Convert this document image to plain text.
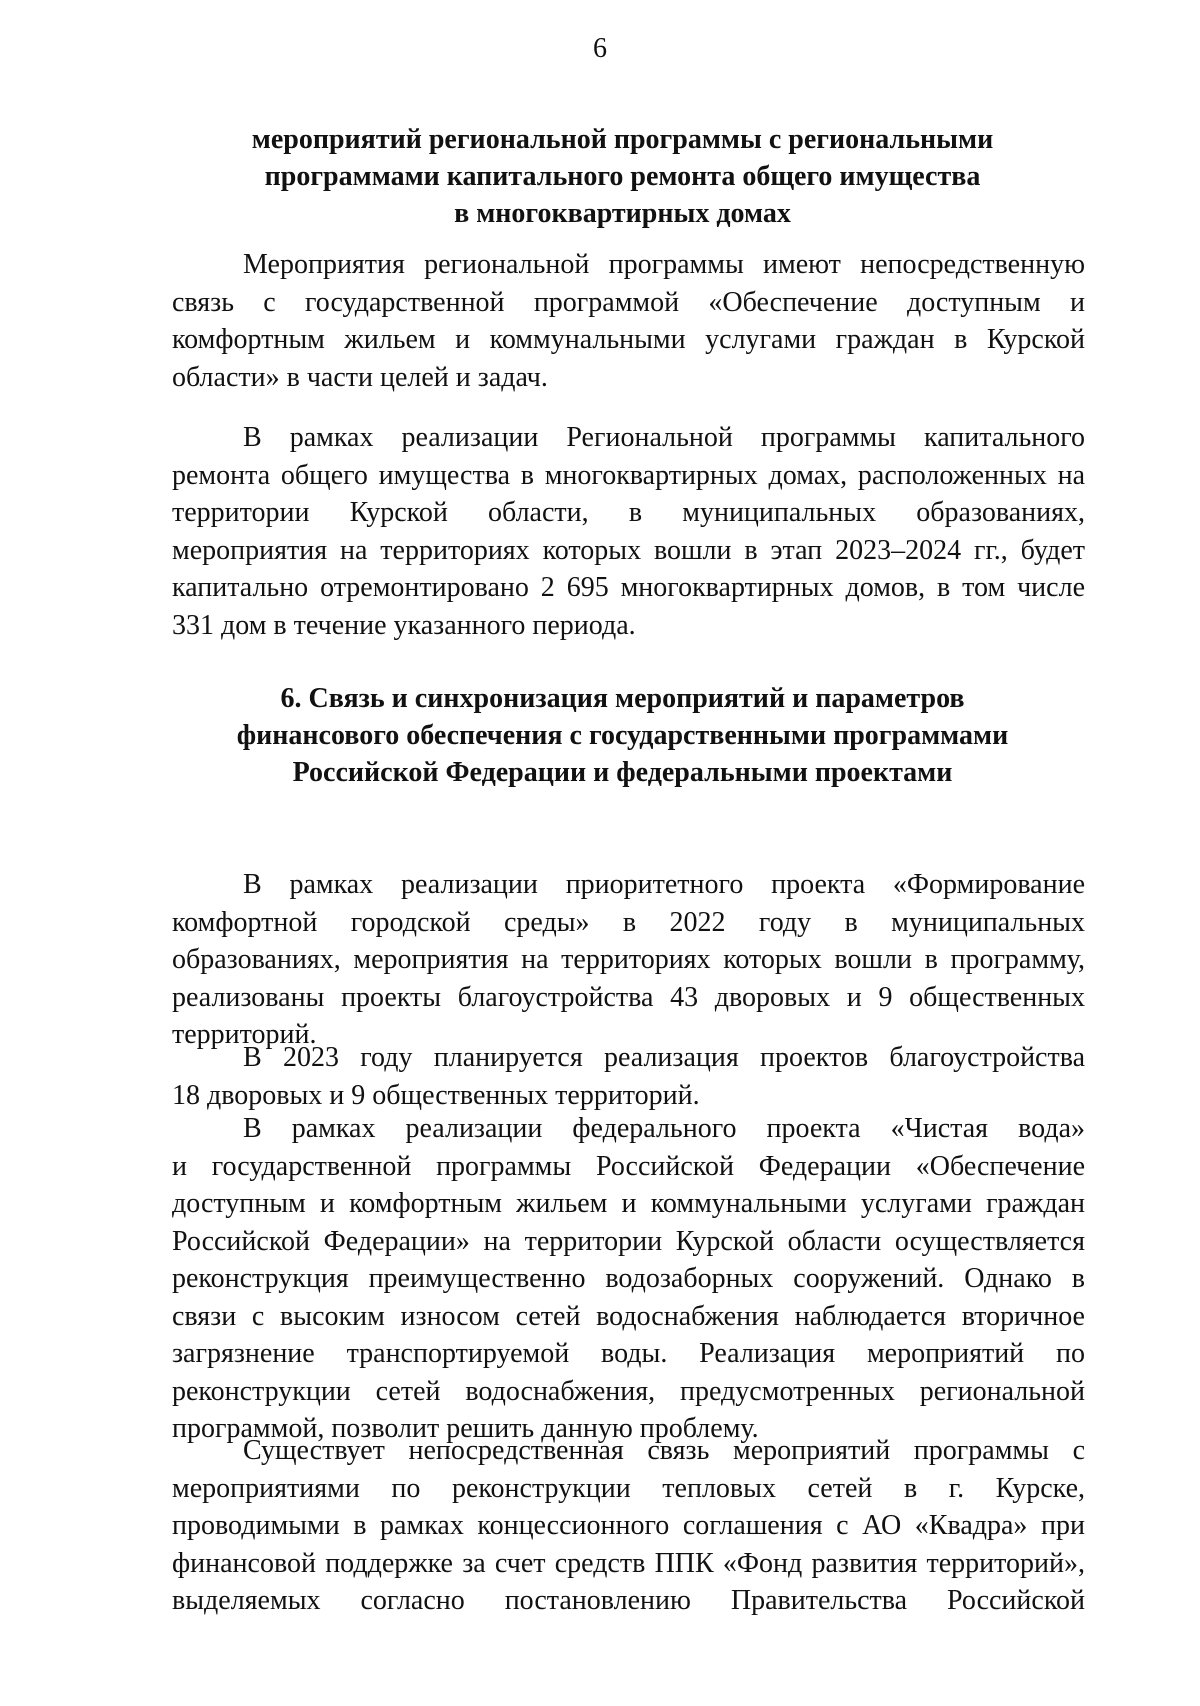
6
мероприятий региональной программы с региональными
программами капитального ремонта общего имущества
в многоквартирных домах
Мероприятия региональной программы имеют непосредственную
связь с государственной программой «Обеспечение доступным и
комфортным жильем и коммунальными услугами граждан в Курской
области» в части целей и задач.
В рамках реализации Региональной программы капитального
ремонта общего имущества в многоквартирных домах, расположенных на
территории Курской области, в муниципальных образованиях,
мероприятия на территориях которых вошли в этап 2023–2024 гг., будет
капитально отремонтировано 2 695 многоквартирных домов, в том числе
331 дом в течение указанного периода.
6. Связь и синхронизация мероприятий и параметров
финансового обеспечения с государственными программами
Российской Федерации и федеральными проектами
В рамках реализации приоритетного проекта «Формирование
комфортной городской среды» в 2022 году в муниципальных
образованиях, мероприятия на территориях которых вошли в программу,
реализованы проекты благоустройства 43 дворовых и 9 общественных
территорий.
В 2023 году планируется реализация проектов благоустройства
18 дворовых и 9 общественных территорий.
В рамках реализации федерального проекта «Чистая вода»
и государственной программы Российской Федерации «Обеспечение
доступным и комфортным жильем и коммунальными услугами граждан
Российской Федерации» на территории Курской области осуществляется
реконструкция преимущественно водозаборных сооружений. Однако в
связи с высоким износом сетей водоснабжения наблюдается вторичное
загрязнение транспортируемой воды. Реализация мероприятий по
реконструкции сетей водоснабжения, предусмотренных региональной
программой, позволит решить данную проблему.
Существует непосредственная связь мероприятий программы с
мероприятиями по реконструкции тепловых сетей в г. Курске,
проводимыми в рамках концессионного соглашения с АО «Квадра» при
финансовой поддержке за счет средств ППК «Фонд развития территорий»,
выделяемых согласно постановлению Правительства Российской
